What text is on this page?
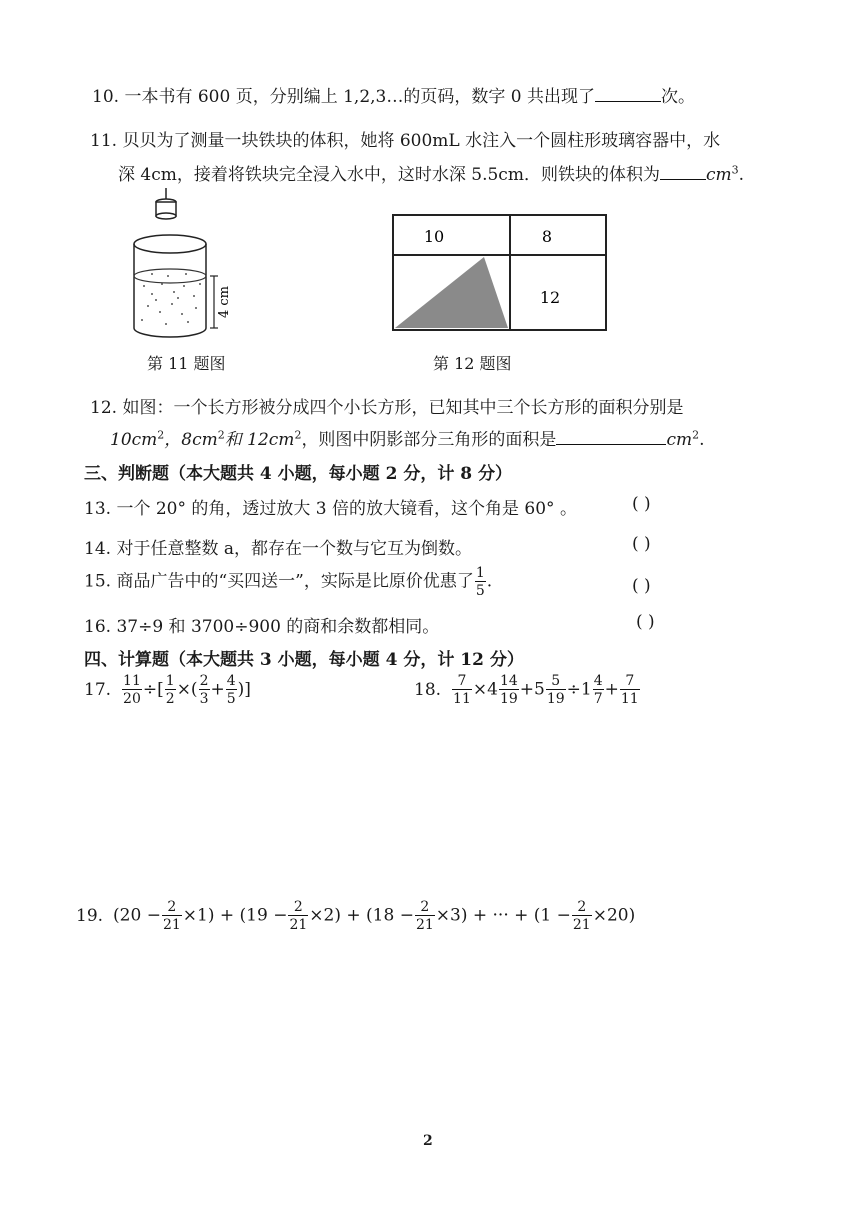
10. 一本书有 600 页，分别编上 1,2,3…的页码，数字 0 共出现了	次。
11. 贝贝为了测量一块铁块的体积，她将 600mL 水注入一个圆柱形玻璃容器中，水
深 4cm，接着将铁块完全浸入水中，这时水深 5.5cm．则铁块的体积为	$cm^3$.
4 cm
第 11 题图
10	8
12
第 12 题图
12. 如图：一个长方形被分成四个小长方形，已知其中三个长方形的面积分别是
$10cm^2$，$8cm^2$和 $12cm^2$，则图中阴影部分三角形的面积是	$cm^2$.
三、判断题（本大题共 4 小题，每小题 2 分，计 8 分）
13. 一个 20° 的角，透过放大 3 倍的放大镜看，这个角是 60° 。	( )
14. 对于任意整数 a，都存在一个数与它互为倒数。	( )
15. 商品广告中的“买四送一”，实际是比原价优惠了 $\frac{1}{5}$ .	( )
16. 37÷9 和 3700÷900 的商和余数都相同。	( )
四、计算题（本大题共 3 小题，每小题 4 分，计 12 分）
17. $\frac{11}{20}$ ÷[ $\frac{1}{2}$ ×( $\frac{2}{3} + \frac{4}{5}$ )]	18. $\frac{7}{11} \times 4 \frac{14}{19} +5 \frac{5}{19} \div 1 \frac{4}{7} + \frac{7}{11}$
19. $(20 - \frac{2}{21} \times 1) + (19 - \frac{2}{21} \times 2) + (18 - \frac{2}{21} \times 3)$ + ··· + $(1 - \frac{2}{21} \times 20)$
2
